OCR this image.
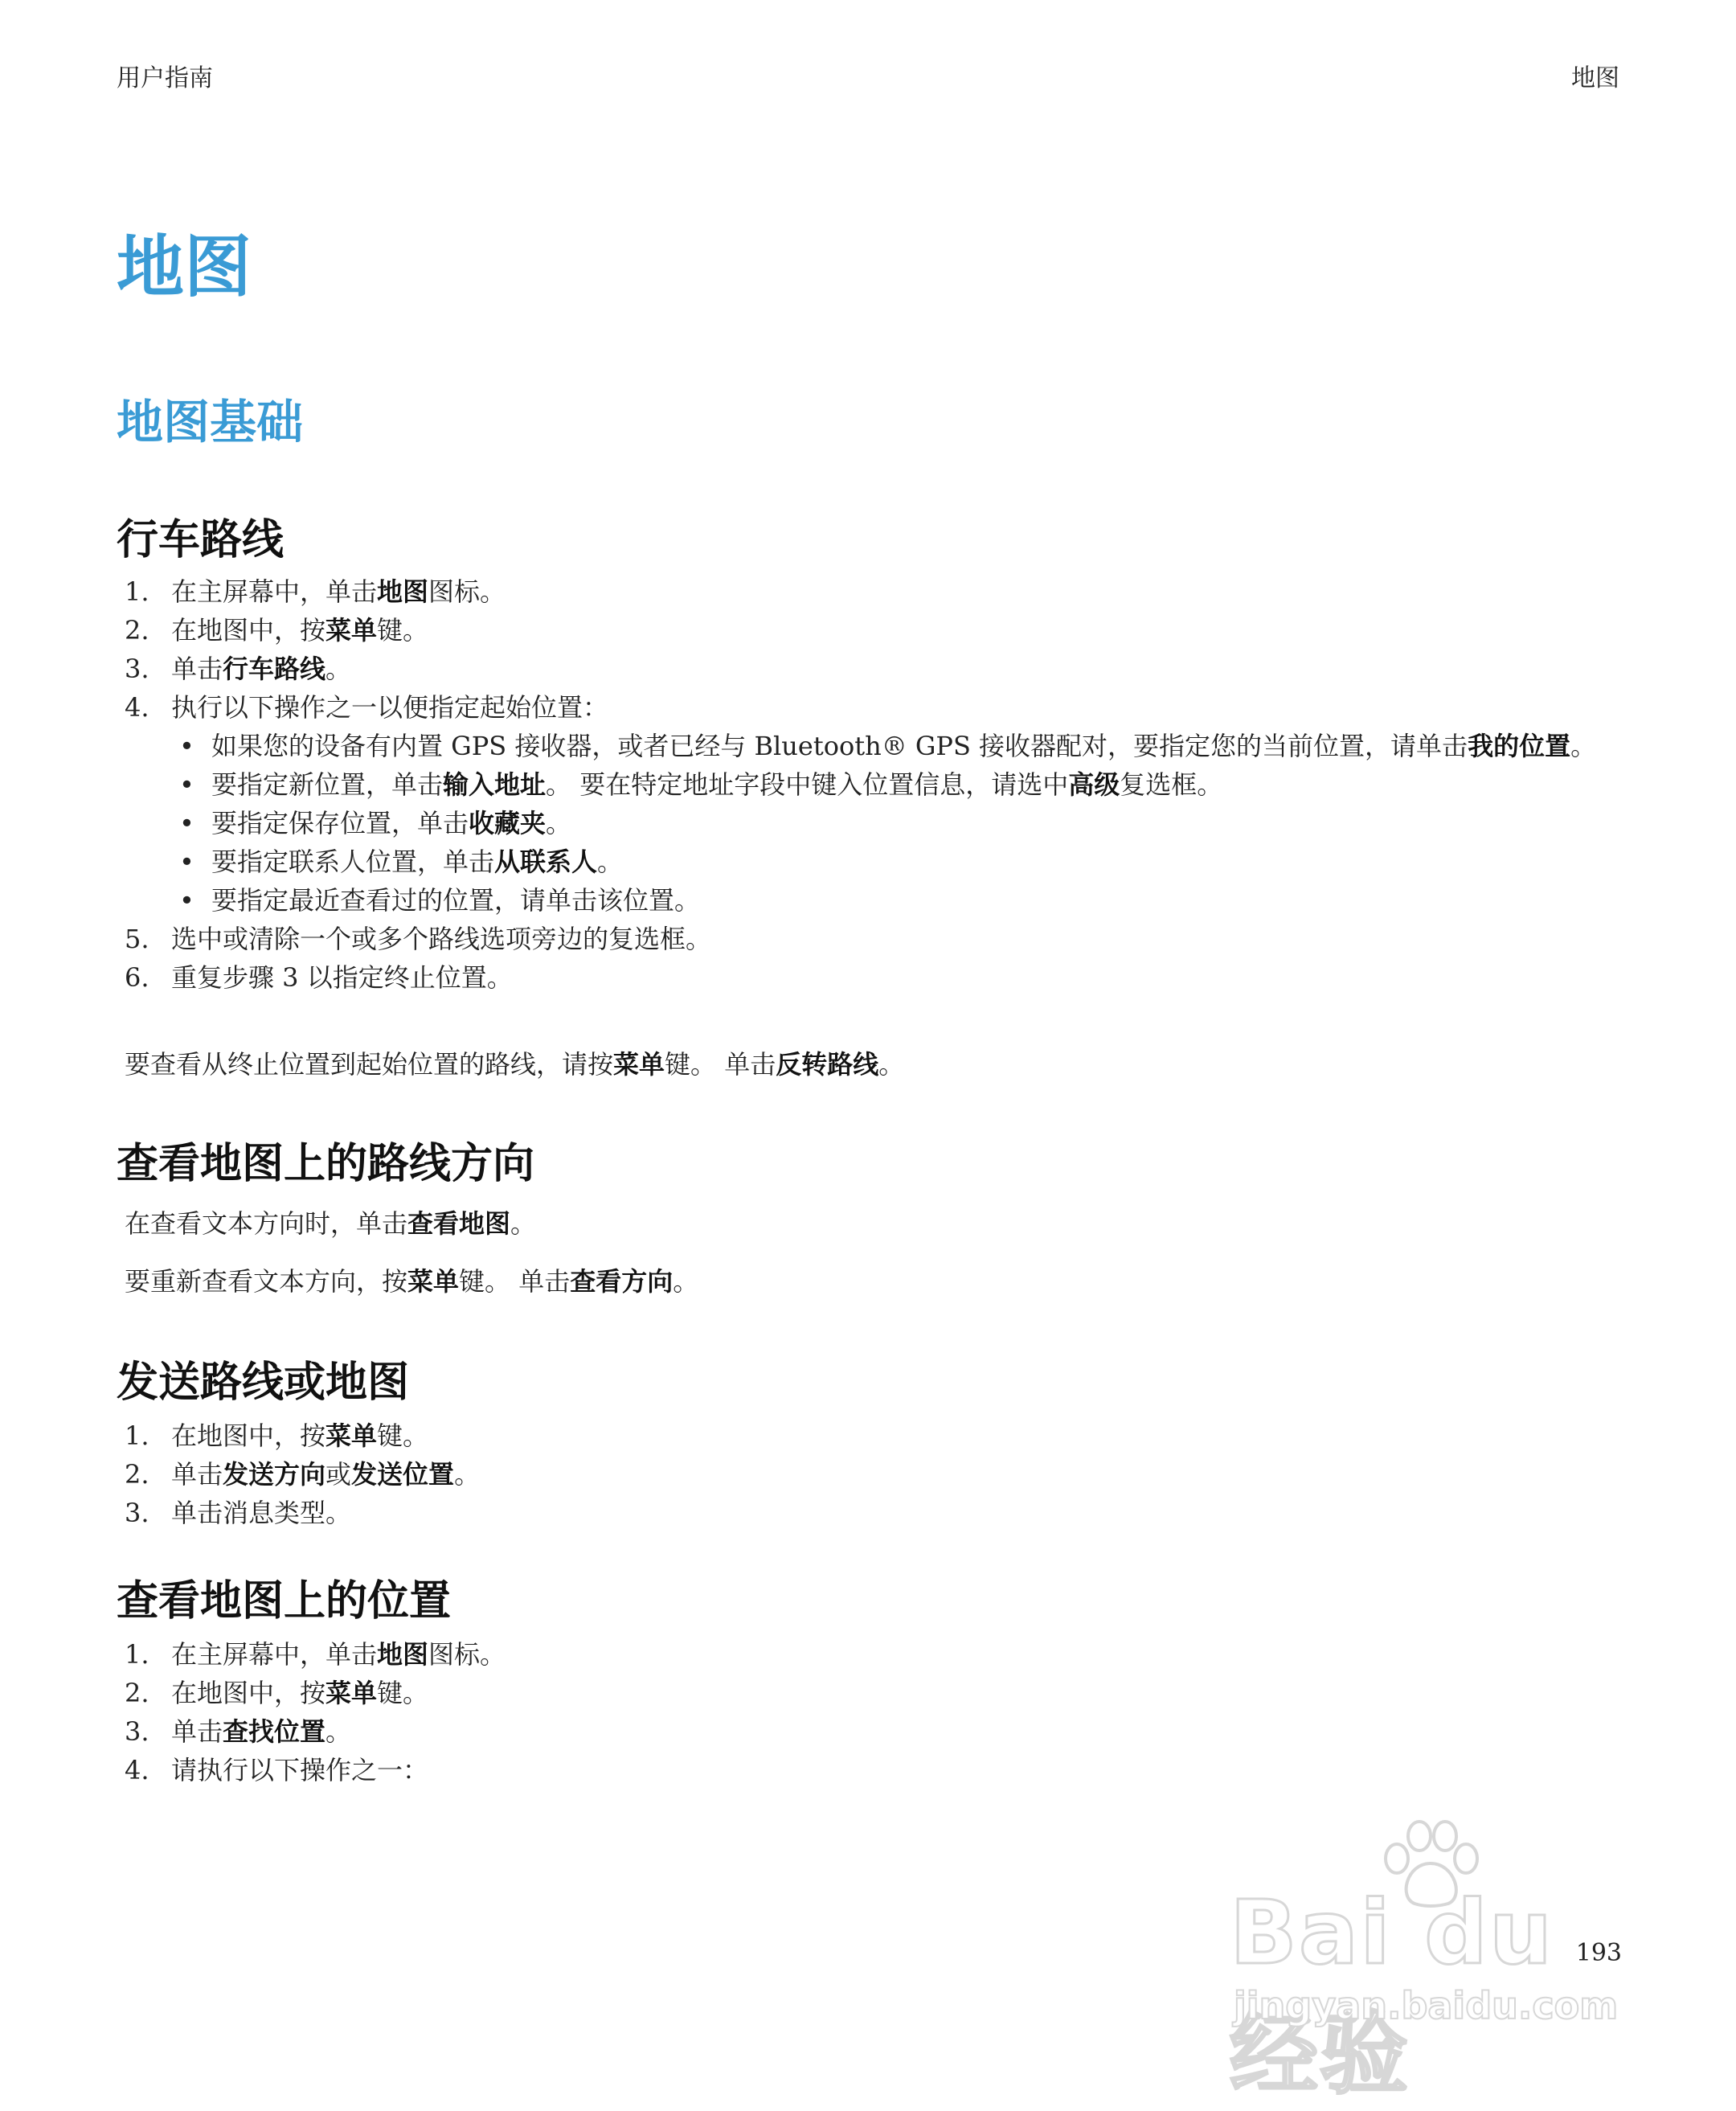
用户指南	地图
地图
地图基础
行车路线
1. 在主屏幕中，单击地图图标。
2. 在地图中，按菜单键。
3. 单击行车路线。
4. 执行以下操作之一以便指定起始位置：
• 如果您的设备有内置 GPS 接收器，或者已经与 Bluetooth® GPS 接收器配对，要指定您的当前位置，请单击我的位置。
• 要指定新位置，单击输入地址。 要在特定地址字段中键入位置信息，请选中高级复选框。
• 要指定保存位置，单击收藏夹。
• 要指定联系人位置，单击从联系人。
• 要指定最近查看过的位置，请单击该位置。
5. 选中或清除一个或多个路线选项旁边的复选框。
6. 重复步骤 3 以指定终止位置。
要查看从终止位置到起始位置的路线，请按菜单键。 单击反转路线。
查看地图上的路线方向
在查看文本方向时，单击查看地图。
要重新查看文本方向，按菜单键。 单击查看方向。
发送路线或地图
1. 在地图中，按菜单键。
2. 单击发送方向或发送位置。
3. 单击消息类型。
查看地图上的位置
1. 在主屏幕中，单击地图图标。
2. 在地图中，按菜单键。
3. 单击查找位置。
4. 请执行以下操作之一：
193
Bai du 经验
jingyan.baidu.com
